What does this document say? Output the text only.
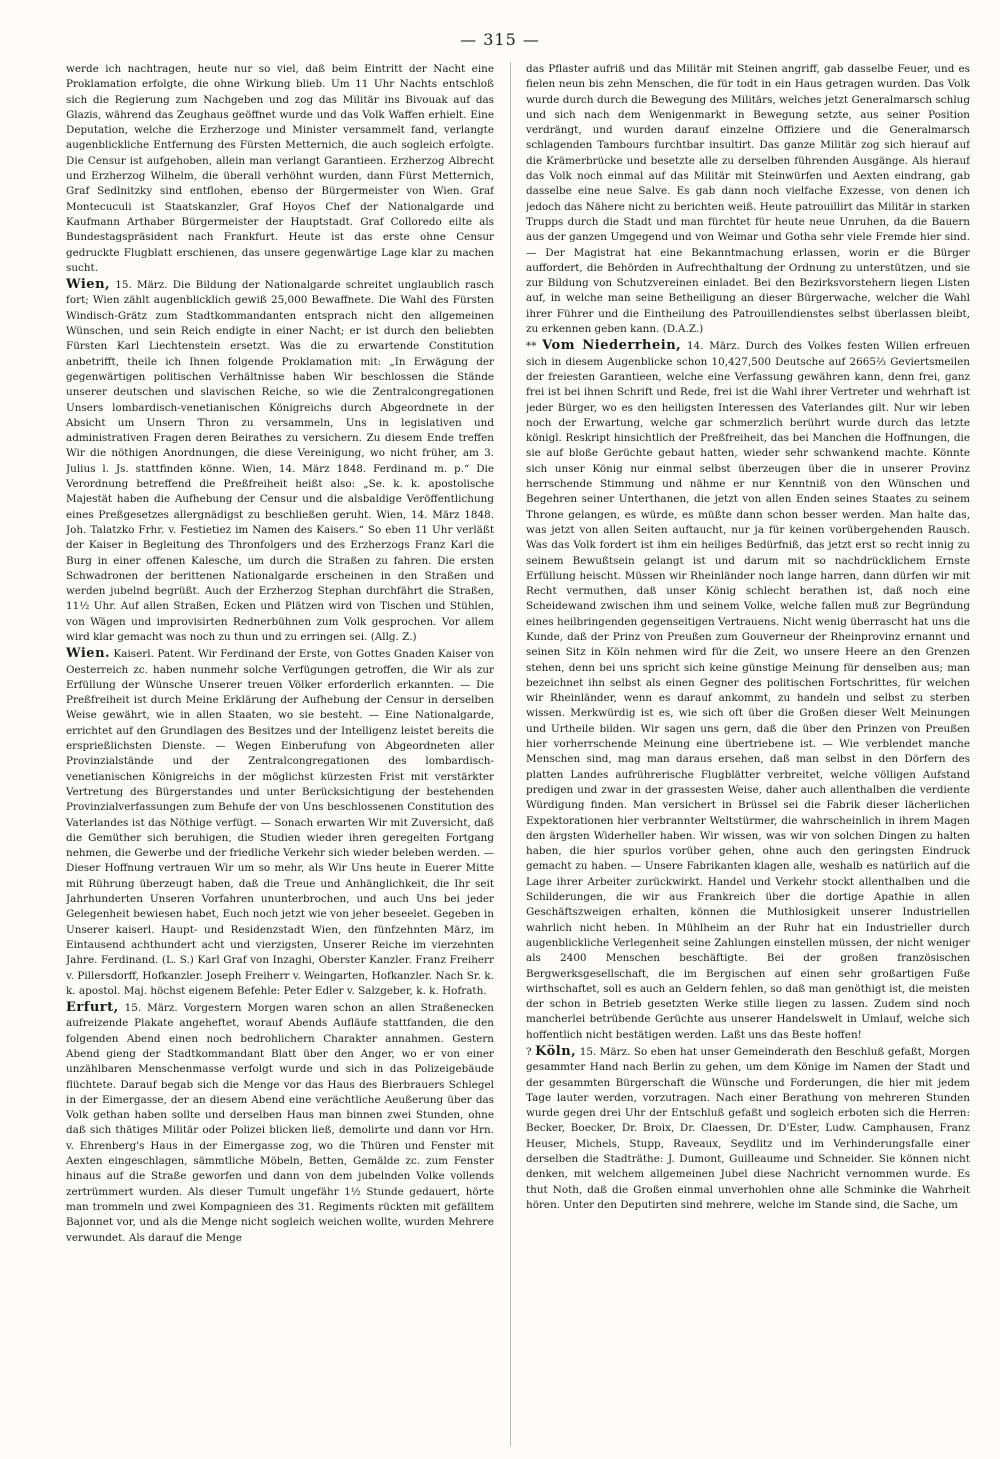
— 315 —

werde ich nachtragen, heute nur so viel, daß beim Eintritt der Nacht eine Proklamation erfolgte, die ohne Wirkung blieb. Um 11 Uhr Nachts entschloß sich die Regierung zum Nachgeben und zog das Militär ins Bivouak auf das Glazis, während das Zeughaus geöffnet wurde und das Volk Waffen erhielt. Eine Deputation, welche die Erzherzoge und Minister versammelt fand, verlangte augenblickliche Entfernung des Fürsten Metternich, die auch sogleich erfolgte. Die Censur ist aufgehoben, allein man verlangt Garantieen. Erzherzog Albrecht und Erzherzog Wilhelm, die überall verhöhnt wurden, dann Fürst Metternich, Graf Sedlnitzky sind entflohen, ebenso der Bürgermeister von Wien. Graf Montecuculi ist Staatskanzler, Graf Hoyos Chef der Nationalgarde und Kaufmann Arthaber Bürgermeister der Hauptstadt. Graf Colloredo eilte als Bundestagspräsident nach Frankfurt. Heute ist das erste ohne Censur gedruckte Flugblatt erschienen, das unsere gegenwärtige Lage klar zu machen sucht.

Wien, 15. März. Die Bildung der Nationalgarde schreitet unglaublich rasch fort; Wien zählt augenblicklich gewiß 25,000 Bewaffnete. Die Wahl des Fürsten Windisch-Grätz zum Stadtkommandanten entsprach nicht den allgemeinen Wünschen, und sein Reich endigte in einer Nacht; er ist durch den beliebten Fürsten Karl Liechtenstein ersetzt. Was die zu erwartende Constitution anbetrifft, theile ich Ihnen folgende Proklamation mit: „In Erwägung der gegenwärtigen politischen Verhältnisse haben Wir beschlossen die Stände unserer deutschen und slavischen Reiche, so wie die Zentralcongregationen Unsers lombardisch-venetianischen Königreichs durch Abgeordnete in der Absicht um Unsern Thron zu versammeln, Uns in legislativen und administrativen Fragen deren Beirathes zu versichern. Zu diesem Ende treffen Wir die nöthigen Anordnungen, die diese Vereinigung, wo nicht früher, am 3. Julius l. Js. stattfinden könne. Wien, 14. März 1848. Ferdinand m. p.“ Die Verordnung betreffend die Preßfreiheit heißt also: „Se. k. k. apostolische Majestät haben die Aufhebung der Censur und die alsbaldige Veröffentlichung eines Preßgesetzes allergnädigst zu beschließen geruht. Wien, 14. März 1848. Joh. Talatzko Frhr. v. Festietiez im Namen des Kaisers.“ So eben 11 Uhr verläßt der Kaiser in Begleitung des Thronfolgers und des Erzherzogs Franz Karl die Burg in einer offenen Kalesche, um durch die Straßen zu fahren. Die ersten Schwadronen der berittenen Nationalgarde erscheinen in den Straßen und werden jubelnd begrüßt. Auch der Erzherzog Stephan durchfährt die Straßen, 11½ Uhr. Auf allen Straßen, Ecken und Plätzen wird von Tischen und Stühlen, von Wägen und improvisirten Rednerbühnen zum Volk gesprochen. Vor allem wird klar gemacht was noch zu thun und zu erringen sei. (Allg. Z.)

Wien. Kaiserl. Patent. Wir Ferdinand der Erste, von Gottes Gnaden Kaiser von Oesterreich zc. haben nunmehr solche Verfügungen getroffen, die Wir als zur Erfüllung der Wünsche Unserer treuen Völker erforderlich erkannten. — Die Preßfreiheit ist durch Meine Erklärung der Aufhebung der Censur in derselben Weise gewährt, wie in allen Staaten, wo sie besteht. — Eine Nationalgarde, errichtet auf den Grundlagen des Besitzes und der Intelligenz leistet bereits die ersprießlichsten Dienste. — Wegen Einberufung von Abgeordneten aller Provinzialstände und der Zentralcongregationen des lombardisch-venetianischen Königreichs in der möglichst kürzesten Frist mit verstärkter Vertretung des Bürgerstandes und unter Berücksichtigung der bestehenden Provinzialverfassungen zum Behufe der von Uns beschlossenen Constitution des Vaterlandes ist das Nöthige verfügt. — Sonach erwarten Wir mit Zuversicht, daß die Gemüther sich beruhigen, die Studien wieder ihren geregelten Fortgang nehmen, die Gewerbe und der friedliche Verkehr sich wieder beleben werden. — Dieser Hoffnung vertrauen Wir um so mehr, als Wir Uns heute in Euerer Mitte mit Rührung überzeugt haben, daß die Treue und Anhänglichkeit, die Ihr seit Jahrhunderten Unseren Vorfahren ununterbrochen, und auch Uns bei jeder Gelegenheit bewiesen habet, Euch noch jetzt wie von jeher beseelet. Gegeben in Unserer kaiserl. Haupt- und Residenzstadt Wien, den fünfzehnten März, im Eintausend achthundert acht und vierzigsten, Unserer Reiche im vierzehnten Jahre. Ferdinand. (L. S.) Karl Graf von Inzaghi, Oberster Kanzler. Franz Freiherr v. Pillersdorff, Hofkanzler. Joseph Freiherr v. Weingarten, Hofkanzler. Nach Sr. k. k. apostol. Maj. höchst eigenem Befehle: Peter Edler v. Salzgeber, k. k. Hofrath.

Erfurt, 15. März. Vorgestern Morgen waren schon an allen Straßenecken aufreizende Plakate angeheftet, worauf Abends Aufläufe stattfanden, die den folgenden Abend einen noch bedrohlichern Charakter annahmen. Gestern Abend gieng der Stadtkommandant Blatt über den Anger, wo er von einer unzählbaren Menschenmasse verfolgt wurde und sich in das Polizeigebäude flüchtete. Darauf begab sich die Menge vor das Haus des Bierbrauers Schlegel in der Eimergasse, der an diesem Abend eine verächtliche Aeußerung über das Volk gethan haben sollte und derselben Haus man binnen zwei Stunden, ohne daß sich thätiges Militär oder Polizei blicken ließ, demolirte und dann vor Hrn. v. Ehrenberg's Haus in der Eimergasse zog, wo die Thüren und Fenster mit Aexten eingeschlagen, sämmtliche Möbeln, Betten, Gemälde zc. zum Fenster hinaus auf die Straße geworfen und dann von dem jubelnden Volke vollends zertrümmert wurden. Als dieser Tumult ungefähr 1½ Stunde gedauert, hörte man trommeln und zwei Kompagnieen des 31. Regiments rückten mit gefälltem Bajonnet vor, und als die Menge nicht sogleich weichen wollte, wurden Mehrere verwundet. Als darauf die Menge

das Pflaster aufriß und das Militär mit Steinen angriff, gab dasselbe Feuer, und es fielen neun bis zehn Menschen, die für todt in ein Haus getragen wurden. Das Volk wurde durch durch die Bewegung des Militärs, welches jetzt Generalmarsch schlug und sich nach dem Wenigenmarkt in Bewegung setzte, aus seiner Position verdrängt, und wurden darauf einzelne Offiziere und die Generalmarsch schlagenden Tambours furchtbar insultirt. Das ganze Militär zog sich hierauf auf die Krämerbrücke und besetzte alle zu derselben führenden Ausgänge. Als hierauf das Volk noch einmal auf das Militär mit Steinwürfen und Aexten eindrang, gab dasselbe eine neue Salve. Es gab dann noch vielfache Exzesse, von denen ich jedoch das Nähere nicht zu berichten weiß. Heute patrouillirt das Militär in starken Trupps durch die Stadt und man fürchtet für heute neue Unruhen, da die Bauern aus der ganzen Umgegend und von Weimar und Gotha sehr viele Fremde hier sind. — Der Magistrat hat eine Bekanntmachung erlassen, worin er die Bürger auffordert, die Behörden in Aufrechthaltung der Ordnung zu unterstützen, und sie zur Bildung von Schutzvereinen einladet. Bei den Bezirksvorstehern liegen Listen auf, in welche man seine Betheiligung an dieser Bürgerwache, welcher die Wahl ihrer Führer und die Eintheilung des Patrouillendienstes selbst überlassen bleibt, zu erkennen geben kann. (D.A.Z.)

** Vom Niederrhein, 14. März. Durch des Volkes festen Willen erfreuen sich in diesem Augenblicke schon 10,427,500 Deutsche auf 2665⅔ Geviertsmeilen der freiesten Garantieen, welche eine Verfassung gewähren kann, denn frei, ganz frei ist bei ihnen Schrift und Rede, frei ist die Wahl ihrer Vertreter und wehrhaft ist jeder Bürger, wo es den heiligsten Interessen des Vaterlandes gilt. Nur wir leben noch der Erwartung, welche gar schmerzlich berührt wurde durch das letzte königl. Reskript hinsichtlich der Preßfreiheit, das bei Manchen die Hoffnungen, die sie auf bloße Gerüchte gebaut hatten, wieder sehr schwankend machte. Könnte sich unser König nur einmal selbst überzeugen über die in unserer Provinz herrschende Stimmung und nähme er nur Kenntniß von den Wünschen und Begehren seiner Unterthanen, die jetzt von allen Enden seines Staates zu seinem Throne gelangen, es würde, es müßte dann schon besser werden. Man halte das, was jetzt von allen Seiten auftaucht, nur ja für keinen vorübergehenden Rausch. Was das Volk fordert ist ihm ein heiliges Bedürfniß, das jetzt erst so recht innig zu seinem Bewußtsein gelangt ist und darum mit so nachdrücklichem Ernste Erfüllung heischt. Müssen wir Rheinländer noch lange harren, dann dürfen wir mit Recht vermuthen, daß unser König schlecht berathen ist, daß noch eine Scheidewand zwischen ihm und seinem Volke, welche fallen muß zur Begründung eines heilbringenden gegenseitigen Vertrauens. Nicht wenig überrascht hat uns die Kunde, daß der Prinz von Preußen zum Gouverneur der Rheinprovinz ernannt und seinen Sitz in Köln nehmen wird für die Zeit, wo unsere Heere an den Grenzen stehen, denn bei uns spricht sich keine günstige Meinung für denselben aus; man bezeichnet ihn selbst als einen Gegner des politischen Fortschrittes, für welchen wir Rheinländer, wenn es darauf ankommt, zu handeln und selbst zu sterben wissen. Merkwürdig ist es, wie sich oft über die Großen dieser Welt Meinungen und Urtheile bilden. Wir sagen uns gern, daß die über den Prinzen von Preußen hier vorherrschende Meinung eine übertriebene ist. — Wie verblendet manche Menschen sind, mag man daraus ersehen, daß man selbst in den Dörfern des platten Landes aufrührerische Flugblätter verbreitet, welche völligen Aufstand predigen und zwar in der grassesten Weise, daher auch allenthalben die verdiente Würdigung finden. Man versichert in Brüssel sei die Fabrik dieser lächerlichen Expektorationen hier verbrannter Weltstürmer, die wahrscheinlich in ihrem Magen den ärgsten Widerheller haben. Wir wissen, was wir von solchen Dingen zu halten haben, die hier spurlos vorüber gehen, ohne auch den geringsten Eindruck gemacht zu haben. — Unsere Fabrikanten klagen alle, weshalb es natürlich auf die Lage ihrer Arbeiter zurückwirkt. Handel und Verkehr stockt allenthalben und die Schilderungen, die wir aus Frankreich über die dortige Apathie in allen Geschäftszweigen erhalten, können die Muthlosigkeit unserer Industriellen wahrlich nicht heben. In Mühlheim an der Ruhr hat ein Industrieller durch augenblickliche Verlegenheit seine Zahlungen einstellen müssen, der nicht weniger als 2400 Menschen beschäftigte. Bei der großen französischen Bergwerksgesellschaft, die im Bergischen auf einen sehr großartigen Fuße wirthschaftet, soll es auch an Geldern fehlen, so daß man genöthigt ist, die meisten der schon in Betrieb gesetzten Werke stille liegen zu lassen. Zudem sind noch mancherlei betrübende Gerüchte aus unserer Handelswelt in Umlauf, welche sich hoffentlich nicht bestätigen werden. Laßt uns das Beste hoffen!

? Köln, 15. März. So eben hat unser Gemeinderath den Beschluß gefaßt, Morgen gesammter Hand nach Berlin zu gehen, um dem Könige im Namen der Stadt und der gesammten Bürgerschaft die Wünsche und Forderungen, die hier mit jedem Tage lauter werden, vorzutragen. Nach einer Berathung von mehreren Stunden wurde gegen drei Uhr der Entschluß gefaßt und sogleich erboten sich die Herren: Becker, Boecker, Dr. Broix, Dr. Claessen, Dr. D'Ester, Ludw. Camphausen, Franz Heuser, Michels, Stupp, Raveaux, Seydlitz und im Verhinderungsfalle einer derselben die Stadträthe: J. Dumont, Guilleaume und Schneider. Sie können nicht denken, mit welchem allgemeinen Jubel diese Nachricht vernommen wurde. Es thut Noth, daß die Großen einmal unverhohlen ohne alle Schminke die Wahrheit hören. Unter den Deputirten sind mehrere, welche im Stande sind, die Sache, um
